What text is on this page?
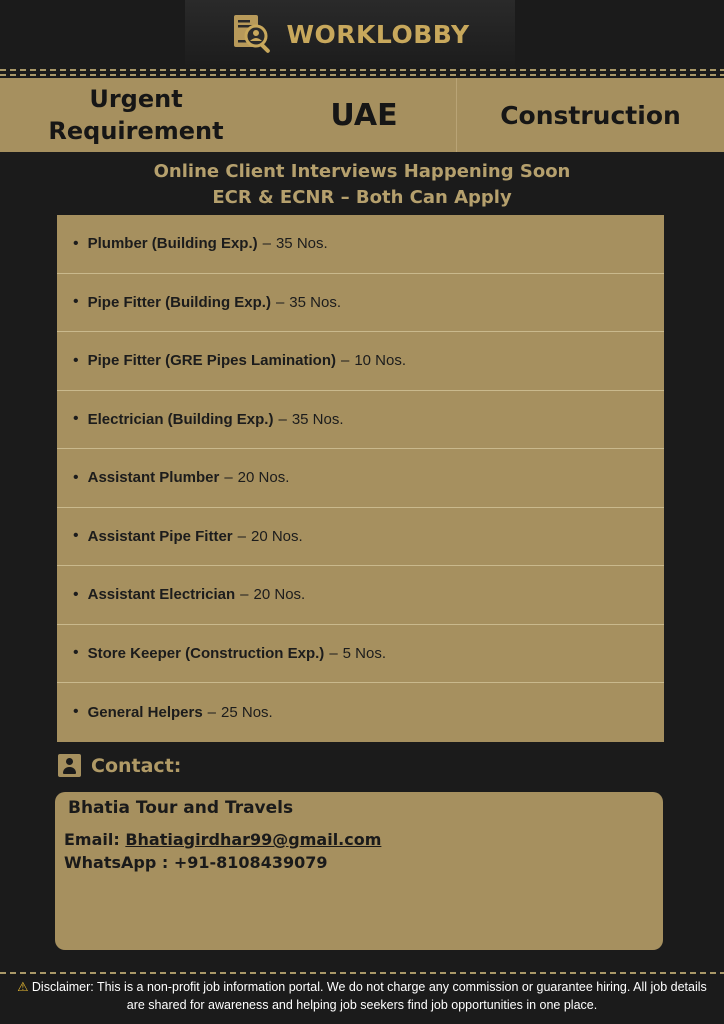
WORKLOBBY
Urgent Requirement	UAE	Construction
Online Client Interviews Happening Soon
ECR & ECNR – Both Can Apply
• Plumber (Building Exp.) – 35 Nos.
• Pipe Fitter (Building Exp.) – 35 Nos.
• Pipe Fitter (GRE Pipes Lamination) – 10 Nos.
• Electrician (Building Exp.) – 35 Nos.
• Assistant Plumber – 20 Nos.
• Assistant Pipe Fitter – 20 Nos.
• Assistant Electrician – 20 Nos.
• Store Keeper (Construction Exp.) – 5 Nos.
• General Helpers – 25 Nos.
Contact:
Bhatia Tour and Travels
Email: Bhatiagirdhar99@gmail.com
WhatsApp : +91-8108439079
⚠ Disclaimer: This is a non-profit job information portal. We do not charge any commission or guarantee hiring. All job details are shared for awareness and helping job seekers find job opportunities in one place.
